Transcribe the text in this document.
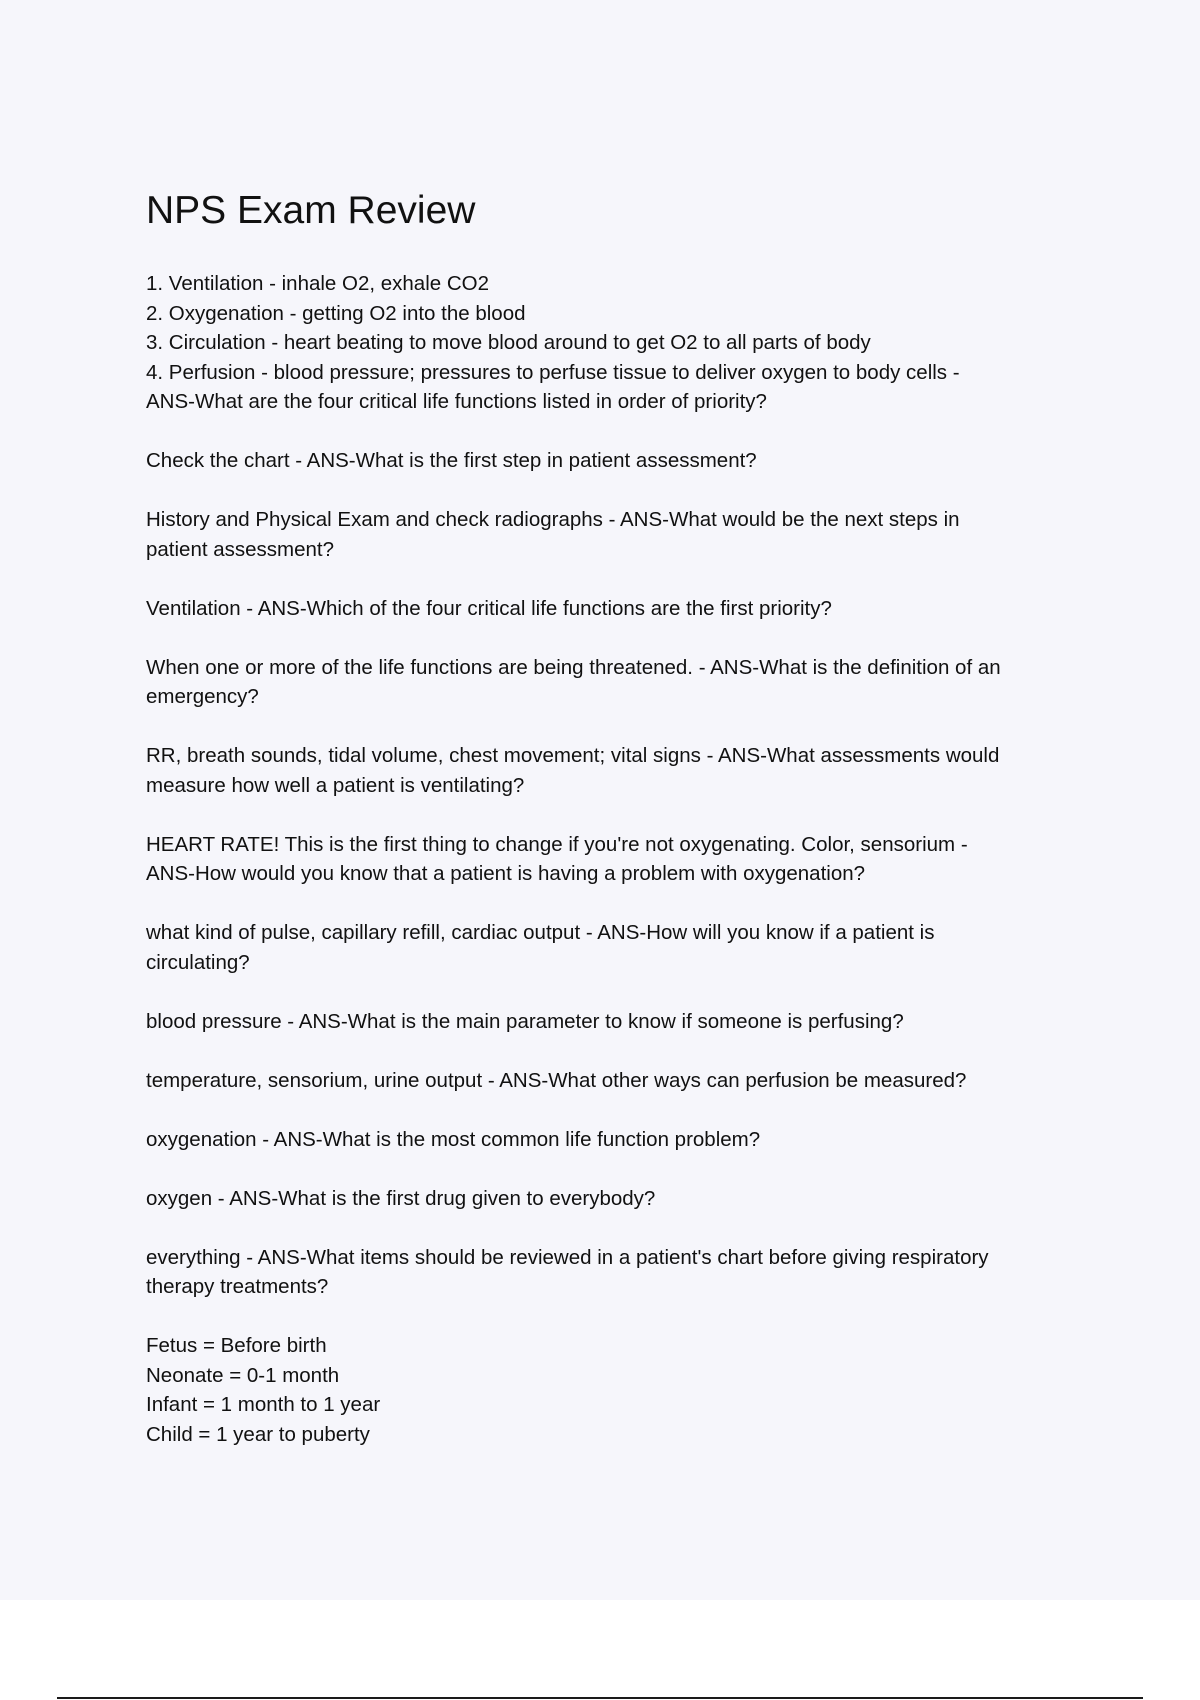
NPS Exam Review
1. Ventilation - inhale O2, exhale CO2
2. Oxygenation - getting O2 into the blood
3. Circulation - heart beating to move blood around to get O2 to all parts of body
4. Perfusion - blood pressure; pressures to perfuse tissue to deliver oxygen to body cells -
ANS-What are the four critical life functions listed in order of priority?
Check the chart - ANS-What is the first step in patient assessment?
History and Physical Exam and check radiographs - ANS-What would be the next steps in
patient assessment?
Ventilation - ANS-Which of the four critical life functions are the first priority?
When one or more of the life functions are being threatened. - ANS-What is the definition of an
emergency?
RR, breath sounds, tidal volume, chest movement; vital signs - ANS-What assessments would
measure how well a patient is ventilating?
HEART RATE! This is the first thing to change if you're not oxygenating. Color, sensorium -
ANS-How would you know that a patient is having a problem with oxygenation?
what kind of pulse, capillary refill, cardiac output - ANS-How will you know if a patient is
circulating?
blood pressure - ANS-What is the main parameter to know if someone is perfusing?
temperature, sensorium, urine output - ANS-What other ways can perfusion be measured?
oxygenation - ANS-What is the most common life function problem?
oxygen - ANS-What is the first drug given to everybody?
everything - ANS-What items should be reviewed in a patient's chart before giving respiratory
therapy treatments?
Fetus = Before birth
Neonate = 0-1 month
Infant = 1 month to 1 year
Child = 1 year to puberty
